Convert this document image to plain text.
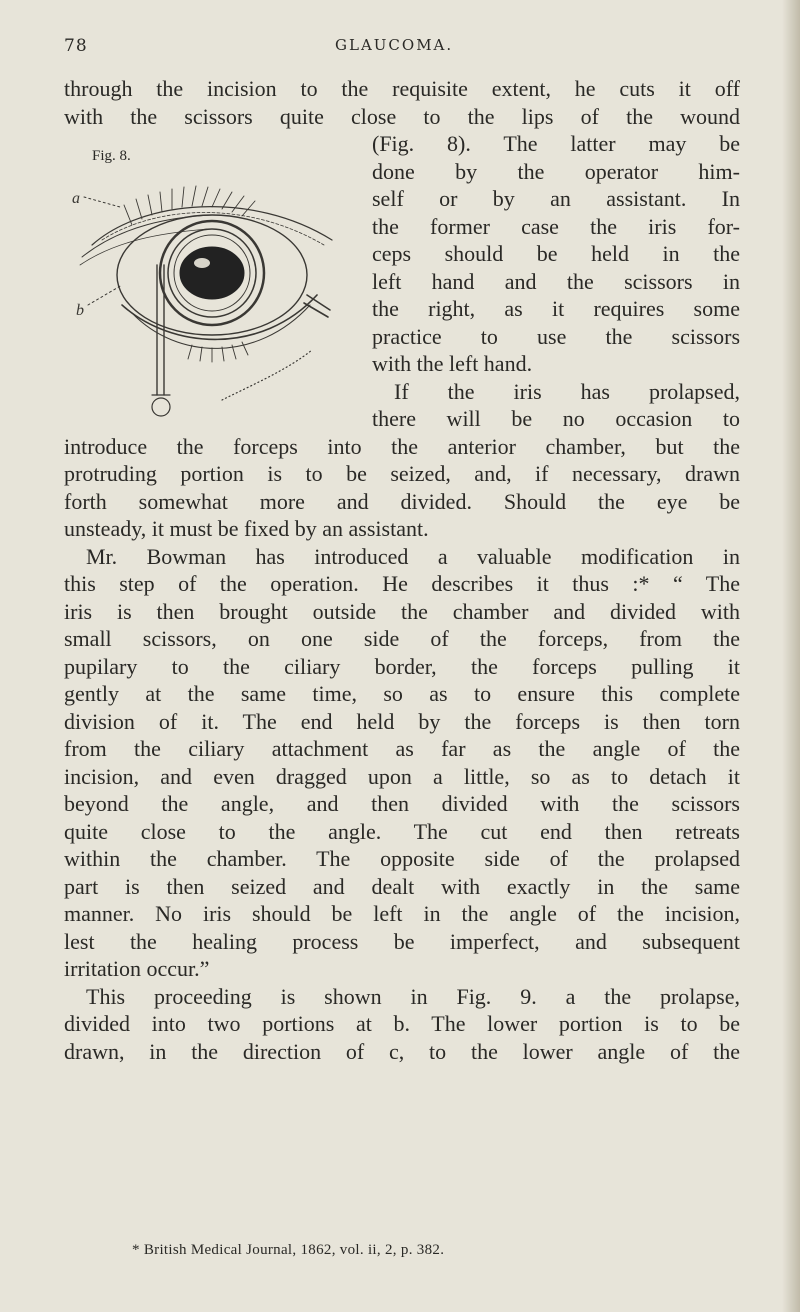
78	GLAUCOMA.
Fig. 8.
a
b
through the incision to the requisite extent, he cuts it off
with the scissors quite close to the lips of the wound
(Fig. 8). The latter may be
done by the operator him-
self or by an assistant. In
the former case the iris for-
ceps should be held in the
left hand and the scissors in
the right, as it requires some
practice to use the scissors
with the left hand.
If the iris has prolapsed,
there will be no occasion to
introduce the forceps into the anterior chamber, but the
protruding portion is to be seized, and, if necessary, drawn
forth somewhat more and divided. Should the eye be
unsteady, it must be fixed by an assistant.
Mr. Bowman has introduced a valuable modification in
this step of the operation. He describes it thus :* “ The
iris is then brought outside the chamber and divided with
small scissors, on one side of the forceps, from the
pupilary to the ciliary border, the forceps pulling it
gently at the same time, so as to ensure this complete
division of it. The end held by the forceps is then torn
from the ciliary attachment as far as the angle of the
incision, and even dragged upon a little, so as to detach it
beyond the angle, and then divided with the scissors
quite close to the angle. The cut end then retreats
within the chamber. The opposite side of the prolapsed
part is then seized and dealt with exactly in the same
manner. No iris should be left in the angle of the incision,
lest the healing process be imperfect, and subsequent
irritation occur.”
This proceeding is shown in Fig. 9. a the prolapse,
divided into two portions at b. The lower portion is to be
drawn, in the direction of c, to the lower angle of the
* British Medical Journal, 1862, vol. ii, 2, p. 382.
